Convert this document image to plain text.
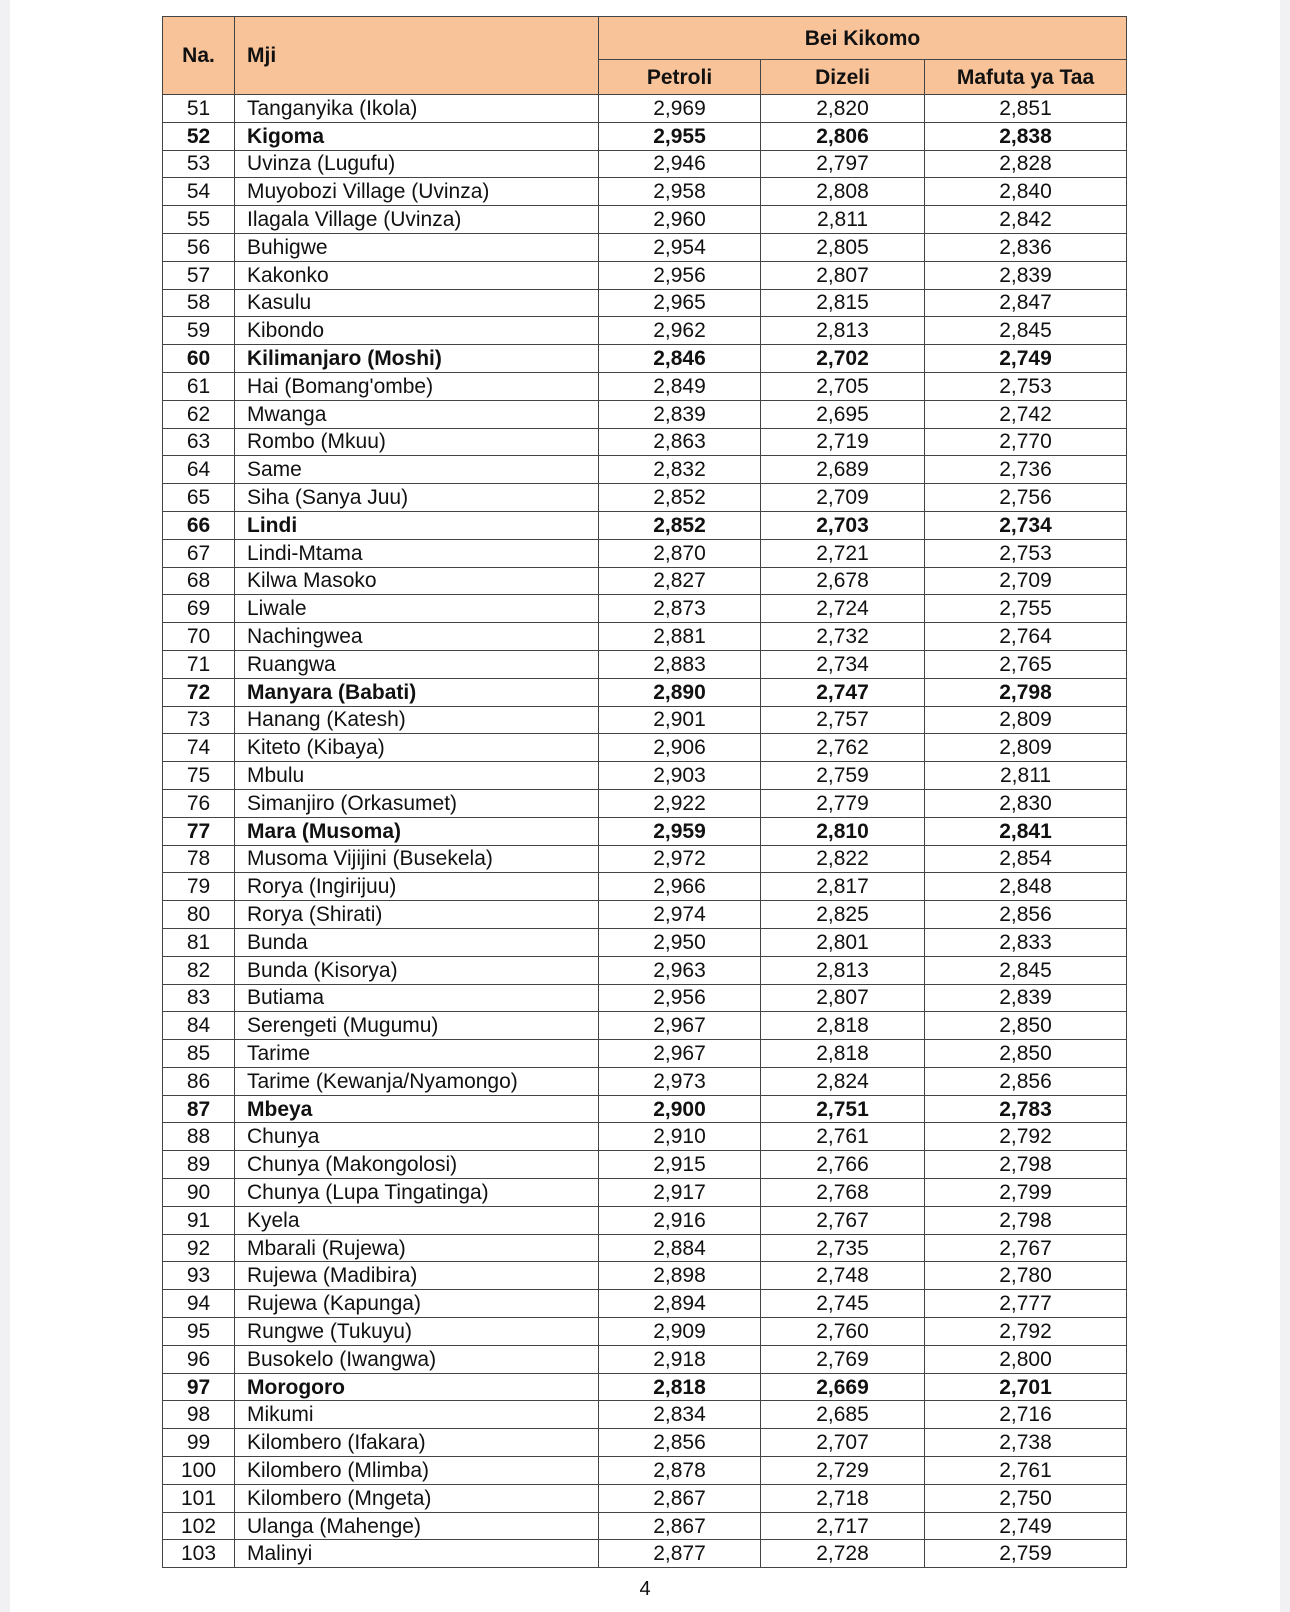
Na.	Mji	Bei Kikomo		
		Petroli	Dizeli	Mafuta ya Taa
51	Tanganyika (Ikola)	2,969	2,820	2,851
52	Kigoma	2,955	2,806	2,838
53	Uvinza (Lugufu)	2,946	2,797	2,828
54	Muyobozi Village (Uvinza)	2,958	2,808	2,840
55	Ilagala Village (Uvinza)	2,960	2,811	2,842
56	Buhigwe	2,954	2,805	2,836
57	Kakonko	2,956	2,807	2,839
58	Kasulu	2,965	2,815	2,847
59	Kibondo	2,962	2,813	2,845
60	Kilimanjaro (Moshi)	2,846	2,702	2,749
61	Hai (Bomang'ombe)	2,849	2,705	2,753
62	Mwanga	2,839	2,695	2,742
63	Rombo (Mkuu)	2,863	2,719	2,770
64	Same	2,832	2,689	2,736
65	Siha (Sanya Juu)	2,852	2,709	2,756
66	Lindi	2,852	2,703	2,734
67	Lindi-Mtama	2,870	2,721	2,753
68	Kilwa Masoko	2,827	2,678	2,709
69	Liwale	2,873	2,724	2,755
70	Nachingwea	2,881	2,732	2,764
71	Ruangwa	2,883	2,734	2,765
72	Manyara (Babati)	2,890	2,747	2,798
73	Hanang (Katesh)	2,901	2,757	2,809
74	Kiteto (Kibaya)	2,906	2,762	2,809
75	Mbulu	2,903	2,759	2,811
76	Simanjiro (Orkasumet)	2,922	2,779	2,830
77	Mara (Musoma)	2,959	2,810	2,841
78	Musoma Vijijini (Busekela)	2,972	2,822	2,854
79	Rorya (Ingirijuu)	2,966	2,817	2,848
80	Rorya (Shirati)	2,974	2,825	2,856
81	Bunda	2,950	2,801	2,833
82	Bunda (Kisorya)	2,963	2,813	2,845
83	Butiama	2,956	2,807	2,839
84	Serengeti (Mugumu)	2,967	2,818	2,850
85	Tarime	2,967	2,818	2,850
86	Tarime (Kewanja/Nyamongo)	2,973	2,824	2,856
87	Mbeya	2,900	2,751	2,783
88	Chunya	2,910	2,761	2,792
89	Chunya (Makongolosi)	2,915	2,766	2,798
90	Chunya (Lupa Tingatinga)	2,917	2,768	2,799
91	Kyela	2,916	2,767	2,798
92	Mbarali (Rujewa)	2,884	2,735	2,767
93	Rujewa (Madibira)	2,898	2,748	2,780
94	Rujewa (Kapunga)	2,894	2,745	2,777
95	Rungwe (Tukuyu)	2,909	2,760	2,792
96	Busokelo (Iwangwa)	2,918	2,769	2,800
97	Morogoro	2,818	2,669	2,701
98	Mikumi	2,834	2,685	2,716
99	Kilombero (Ifakara)	2,856	2,707	2,738
100	Kilombero (Mlimba)	2,878	2,729	2,761
101	Kilombero (Mngeta)	2,867	2,718	2,750
102	Ulanga (Mahenge)	2,867	2,717	2,749
103	Malinyi	2,877	2,728	2,759
4
